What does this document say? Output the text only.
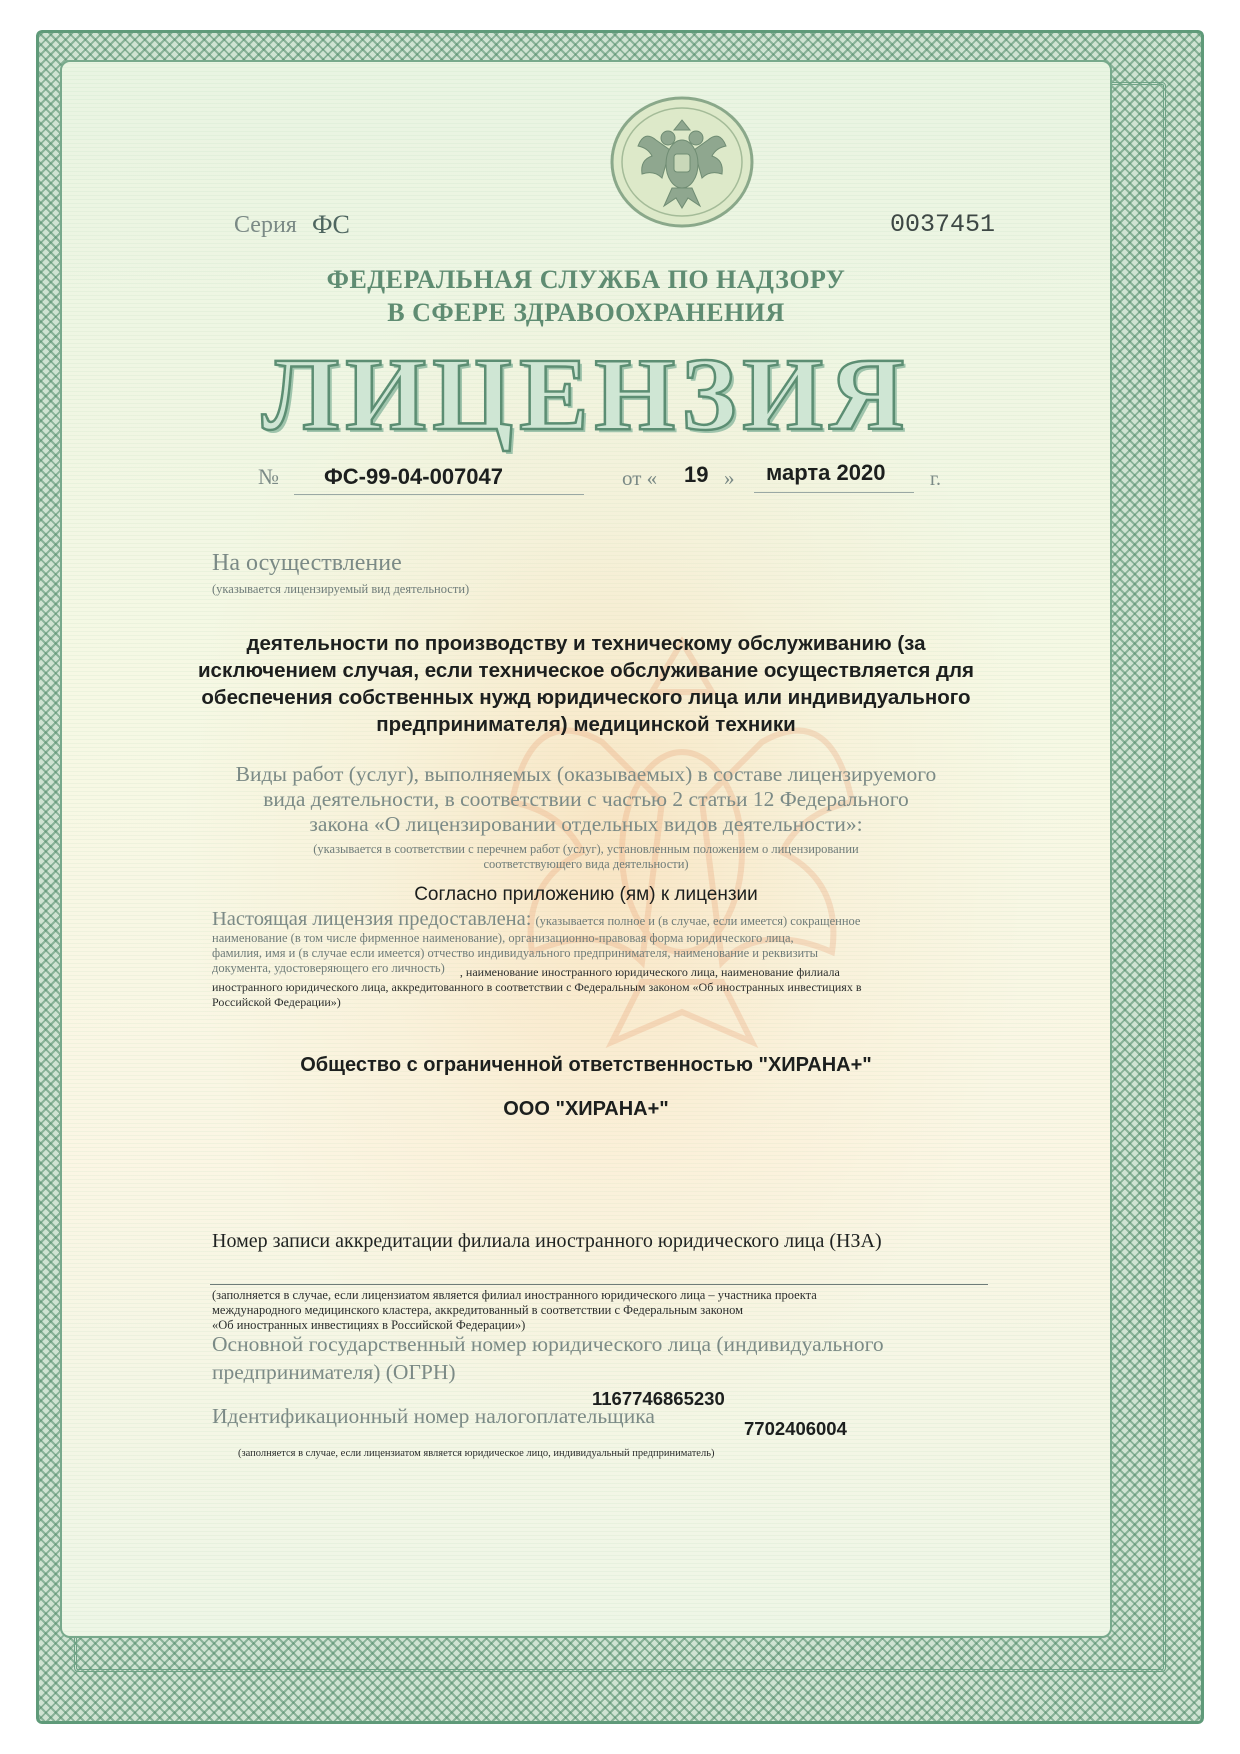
Серия ФС	0037451
ФЕДЕРАЛЬНАЯ СЛУЖБА ПО НАДЗОРУ
В СФЕРЕ ЗДРАВООХРАНЕНИЯ
ЛИЦЕНЗИЯ
№ ФС-99-04-007047	от « 19 » марта 2020 г.
На осуществление
(указывается лицензируемый вид деятельности)
деятельности по производству и техническому обслуживанию (за
исключением случая, если техническое обслуживание осуществляется для
обеспечения собственных нужд юридического лица или индивидуального
предпринимателя) медицинской техники
Виды работ (услуг), выполняемых (оказываемых) в составе лицензируемого
вида деятельности, в соответствии с частью 2 статьи 12 Федерального
закона «О лицензировании отдельных видов деятельности»:
(указывается в соответствии с перечнем работ (услуг), установленным положением о лицензировании
соответствующего вида деятельности)
Согласно приложению (ям) к лицензии
Настоящая лицензия предоставлена: (указывается полное и (в случае, если имеется) сокращенное
наименование (в том числе фирменное наименование), организационно-правовая форма юридического лица,
фамилия, имя и (в случае если имеется) отчество индивидуального предпринимателя, наименование и реквизиты
документа, удостоверяющего его личность) , наименование иностранного юридического лица, наименование филиала
иностранного юридического лица, аккредитованного в соответствии с Федеральным законом «Об иностранных инвестициях в
Российской Федерации»)
Общество с ограниченной ответственностью "ХИРАНА+"
ООО "ХИРАНА+"
Номер записи аккредитации филиала иностранного юридического лица (НЗА)
(заполняется в случае, если лицензиатом является филиал иностранного юридического лица – участника проекта
международного медицинского кластера, аккредитованный в соответствии с Федеральным законом
«Об иностранных инвестициях в Российской Федерации»)
Основной государственный номер юридического лица (индивидуального
предпринимателя) (ОГРН)
1167746865230
Идентификационный номер налогоплательщика
7702406004
(заполняется в случае, если лицензиатом является юридическое лицо, индивидуальный предприниматель)
